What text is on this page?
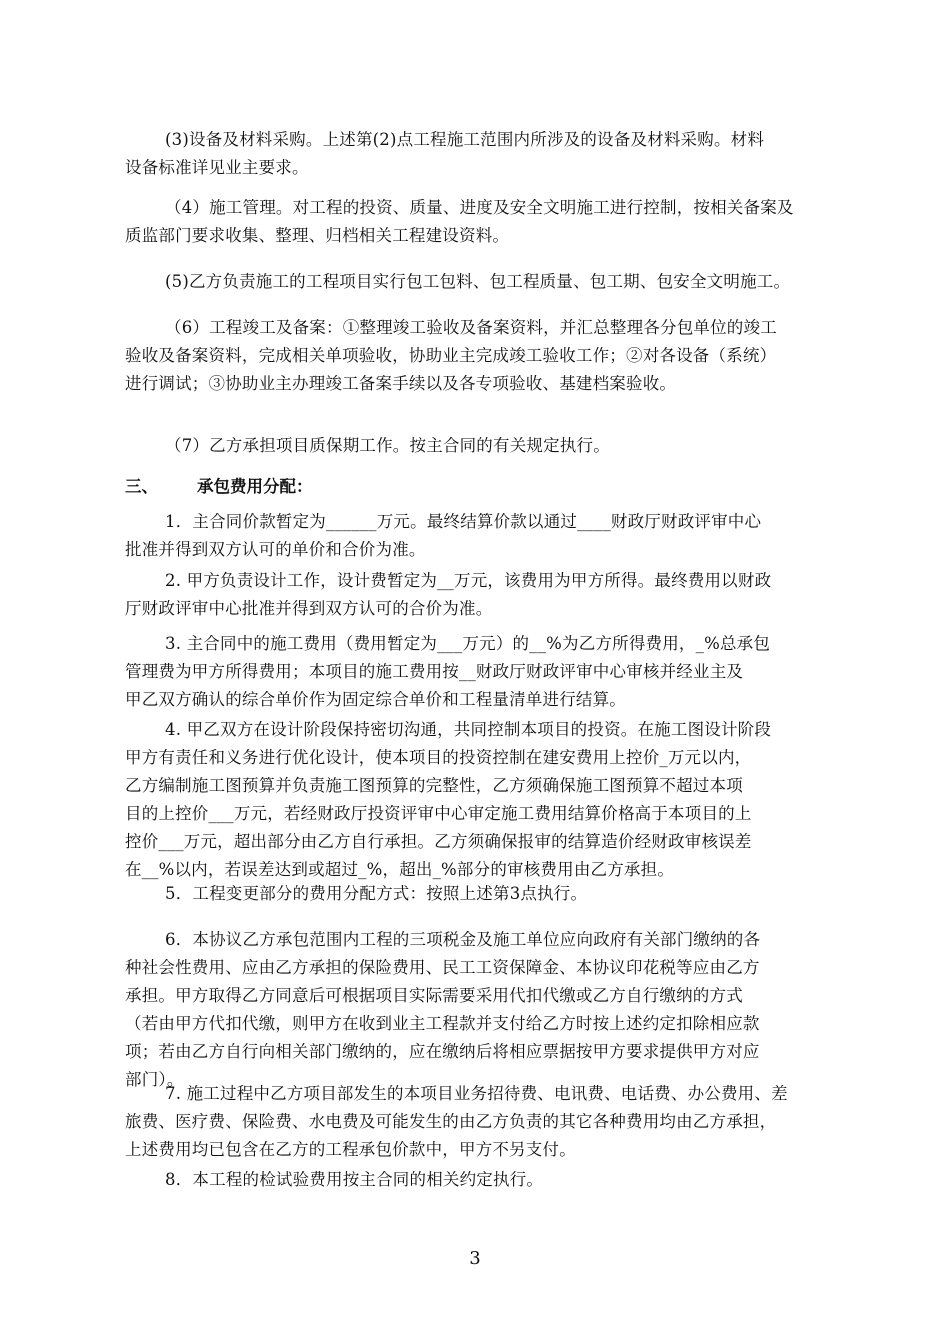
(3)设备及材料采购。上述第(2)点工程施工范围内所涉及的设备及材料采购。材料
设备标准详见业主要求。
（4）施工管理。对工程的投资、质量、进度及安全文明施工进行控制，按相关备案及
质监部门要求收集、整理、归档相关工程建设资料。
(5)乙方负责施工的工程项目实行包工包料、包工程质量、包工期、包安全文明施工。
（6）工程竣工及备案：①整理竣工验收及备案资料，并汇总整理各分包单位的竣工
验收及备案资料，完成相关单项验收，协助业主完成竣工验收工作；②对各设备（系统）
进行调试；③协助业主办理竣工备案手续以及各专项验收、基建档案验收。
（7）乙方承担项目质保期工作。按主合同的有关规定执行。
三、 承包费用分配：
1．主合同价款暂定为______万元。最终结算价款以通过____财政厅财政评审中心
批准并得到双方认可的单价和合价为准。
2. 甲方负责设计工作，设计费暂定为__万元，该费用为甲方所得。最终费用以财政
厅财政评审中心批准并得到双方认可的合价为准。
3. 主合同中的施工费用（费用暂定为___万元）的__%为乙方所得费用，_%总承包
管理费为甲方所得费用；本项目的施工费用按__财政厅财政评审中心审核并经业主及
甲乙双方确认的综合单价作为固定综合单价和工程量清单进行结算。
4. 甲乙双方在设计阶段保持密切沟通，共同控制本项目的投资。在施工图设计阶段
甲方有责任和义务进行优化设计，使本项目的投资控制在建安费用上控价_万元以内，
乙方编制施工图预算并负责施工图预算的完整性，乙方须确保施工图预算不超过本项
目的上控价___万元，若经财政厅投资评审中心审定施工费用结算价格高于本项目的上
控价___万元，超出部分由乙方自行承担。乙方须确保报审的结算造价经财政审核误差
在__%以内，若误差达到或超过_%，超出_%部分的审核费用由乙方承担。
5．工程变更部分的费用分配方式：按照上述第3点执行。
6．本协议乙方承包范围内工程的三项税金及施工单位应向政府有关部门缴纳的各
种社会性费用、应由乙方承担的保险费用、民工工资保障金、本协议印花税等应由乙方
承担。甲方取得乙方同意后可根据项目实际需要采用代扣代缴或乙方自行缴纳的方式
（若由甲方代扣代缴，则甲方在收到业主工程款并支付给乙方时按上述约定扣除相应款
项；若由乙方自行向相关部门缴纳的，应在缴纳后将相应票据按甲方要求提供甲方对应
部门）。
7. 施工过程中乙方项目部发生的本项目业务招待费、电讯费、电话费、办公费用、差
旅费、医疗费、保险费、水电费及可能发生的由乙方负责的其它各种费用均由乙方承担，
上述费用均已包含在乙方的工程承包价款中，甲方不另支付。
8．本工程的检试验费用按主合同的相关约定执行。
3
